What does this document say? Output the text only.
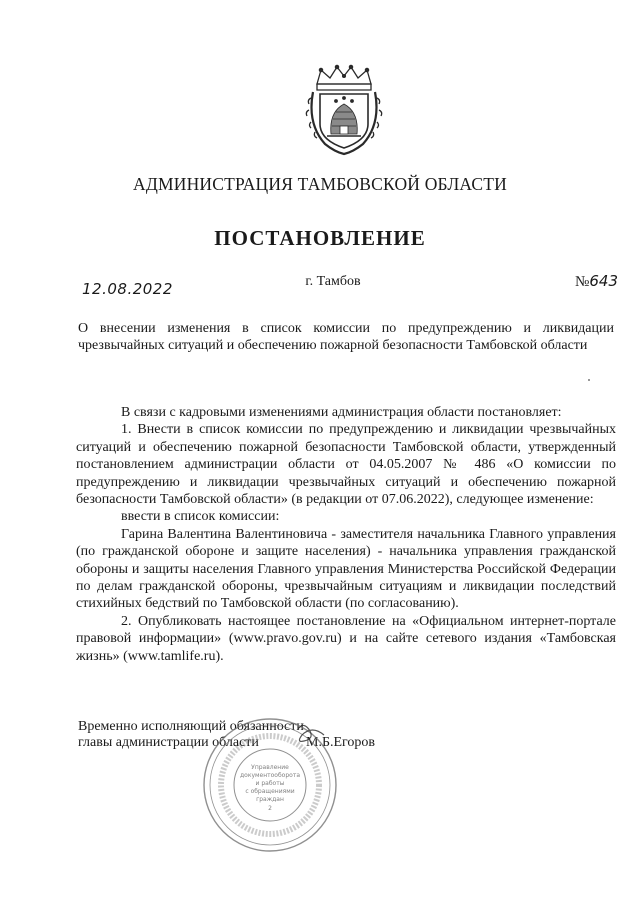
АДМИНИСТРАЦИЯ ТАМБОВСКОЙ ОБЛАСТИ
ПОСТАНОВЛЕНИЕ
12.08.2022	г. Тамбов	№643
О внесении изменения в список комиссии по предупреждению и ликвидации чрезвычайных ситуаций и обеспечению пожарной безопасности Тамбовской области

В связи с кадровыми изменениями администрация области постановляет:

1. Внести в список комиссии по предупреждению и ликвидации чрезвычайных ситуаций и обеспечению пожарной безопасности Тамбовской области, утвержденный постановлением администрации области от 04.05.2007 № 486 «О комиссии по предупреждению и ликвидации чрезвычайных ситуаций и обеспечению пожарной безопасности Тамбовской области» (в редакции от 07.06.2022), следующее изменение:

ввести в список комиссии:

Гарина Валентина Валентиновича - заместителя начальника Главного управления (по гражданской обороне и защите населения) - начальника управления гражданской обороны и защиты населения Главного управления Министерства Российской Федерации по делам гражданской обороны, чрезвычайным ситуациям и ликвидации последствий стихийных бедствий по Тамбовской области (по согласованию).

2. Опубликовать настоящее постановление на «Официальном интернет-портале правовой информации» (www.pravo.gov.ru) и на сайте сетевого издания «Тамбовская жизнь» (www.tamlife.ru).

Временно исполняющий обязанности
главы администрации области	М.Б.Егоров
Управление
документооборота
и работы
с обращениями
граждан
2
